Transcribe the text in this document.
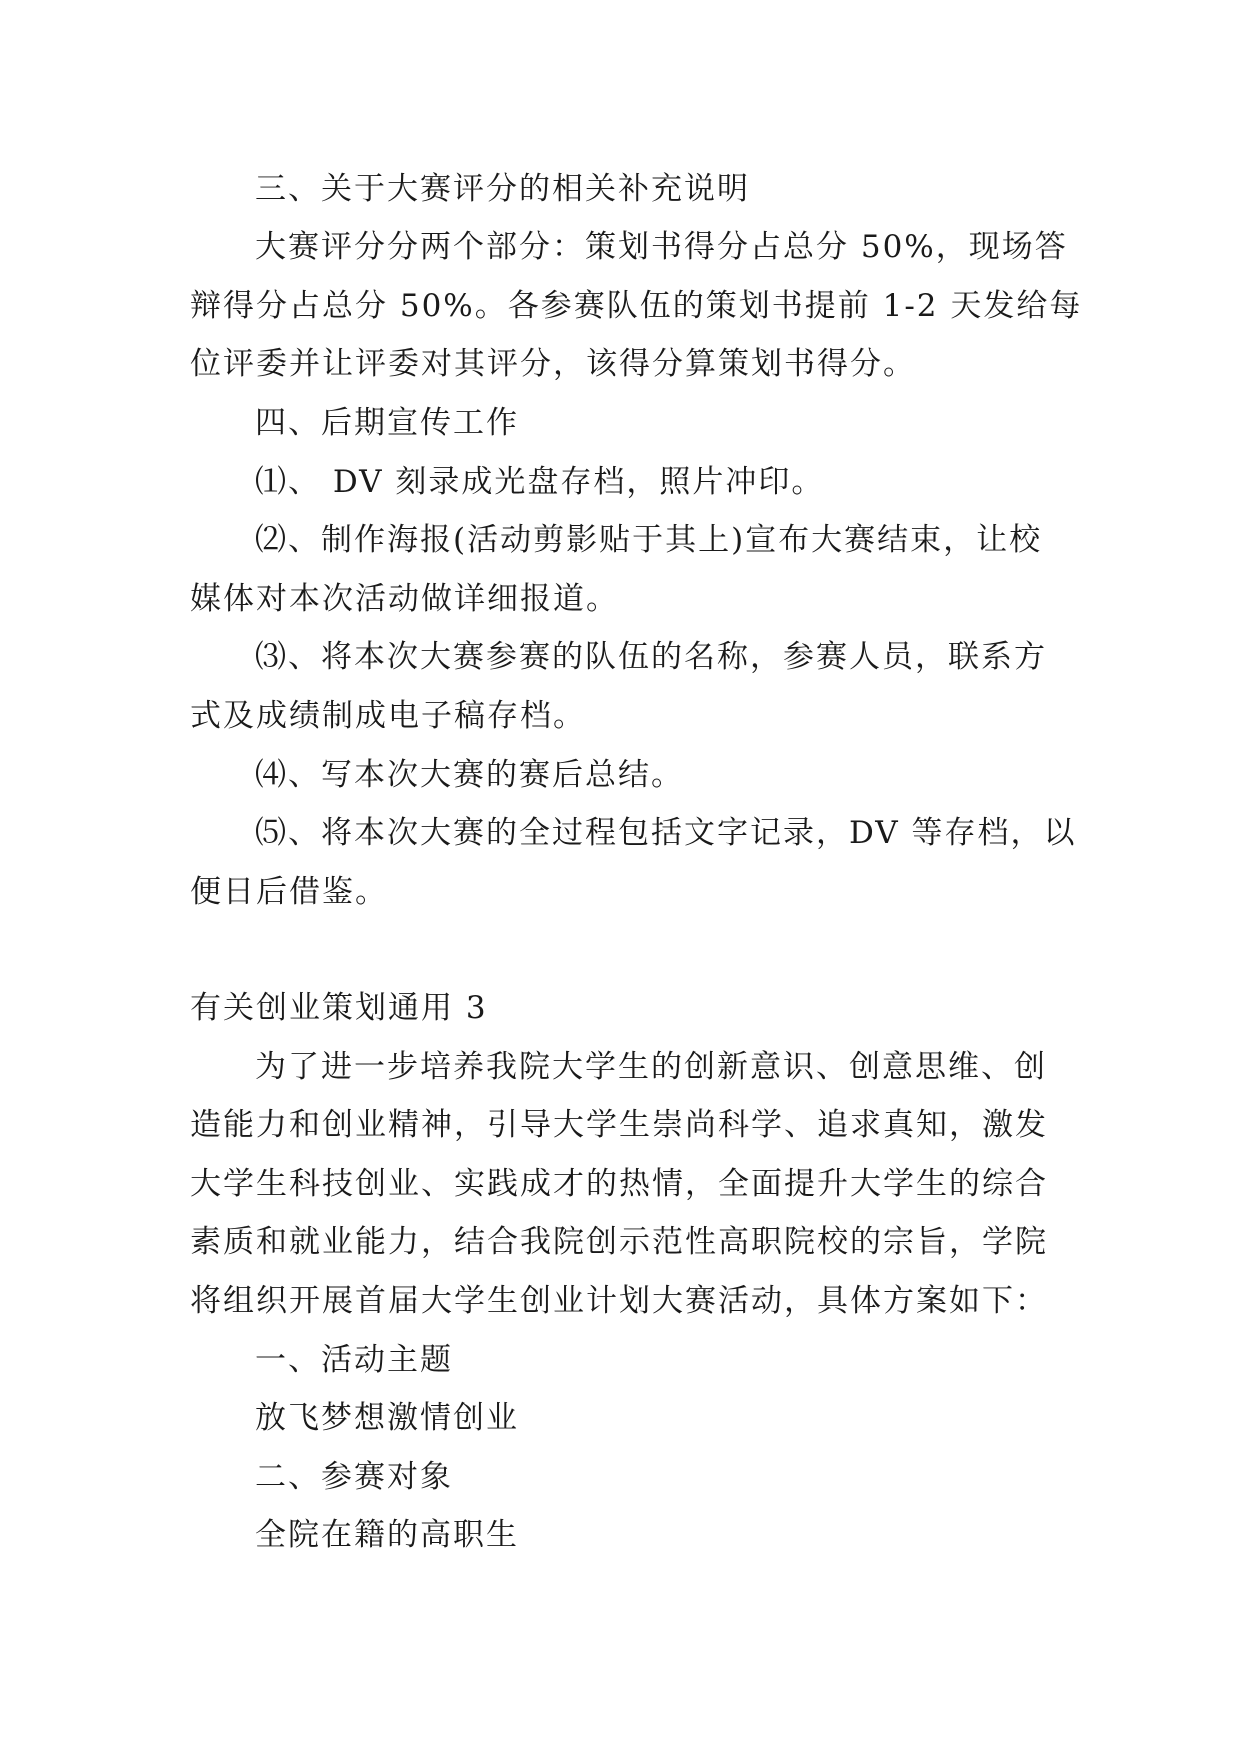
三、关于大赛评分的相关补充说明

大赛评分分两个部分：策划书得分占总分 50%，现场答

辩得分占总分 50%。各参赛队伍的策划书提前 1-2 天发给每

位评委并让评委对其评分，该得分算策划书得分。

四、后期宣传工作

⑴、 DV 刻录成光盘存档，照片冲印。

⑵、制作海报(活动剪影贴于其上)宣布大赛结束，让校

媒体对本次活动做详细报道。

⑶、将本次大赛参赛的队伍的名称，参赛人员，联系方

式及成绩制成电子稿存档。

⑷、写本次大赛的赛后总结。

⑸、将本次大赛的全过程包括文字记录，DV 等存档，以

便日后借鉴。

有关创业策划通用 3

为了进一步培养我院大学生的创新意识、创意思维、创

造能力和创业精神，引导大学生崇尚科学、追求真知，激发

大学生科技创业、实践成才的热情，全面提升大学生的综合

素质和就业能力，结合我院创示范性高职院校的宗旨，学院

将组织开展首届大学生创业计划大赛活动，具体方案如下：

一、活动主题

放飞梦想激情创业

二、参赛对象

全院在籍的高职生
